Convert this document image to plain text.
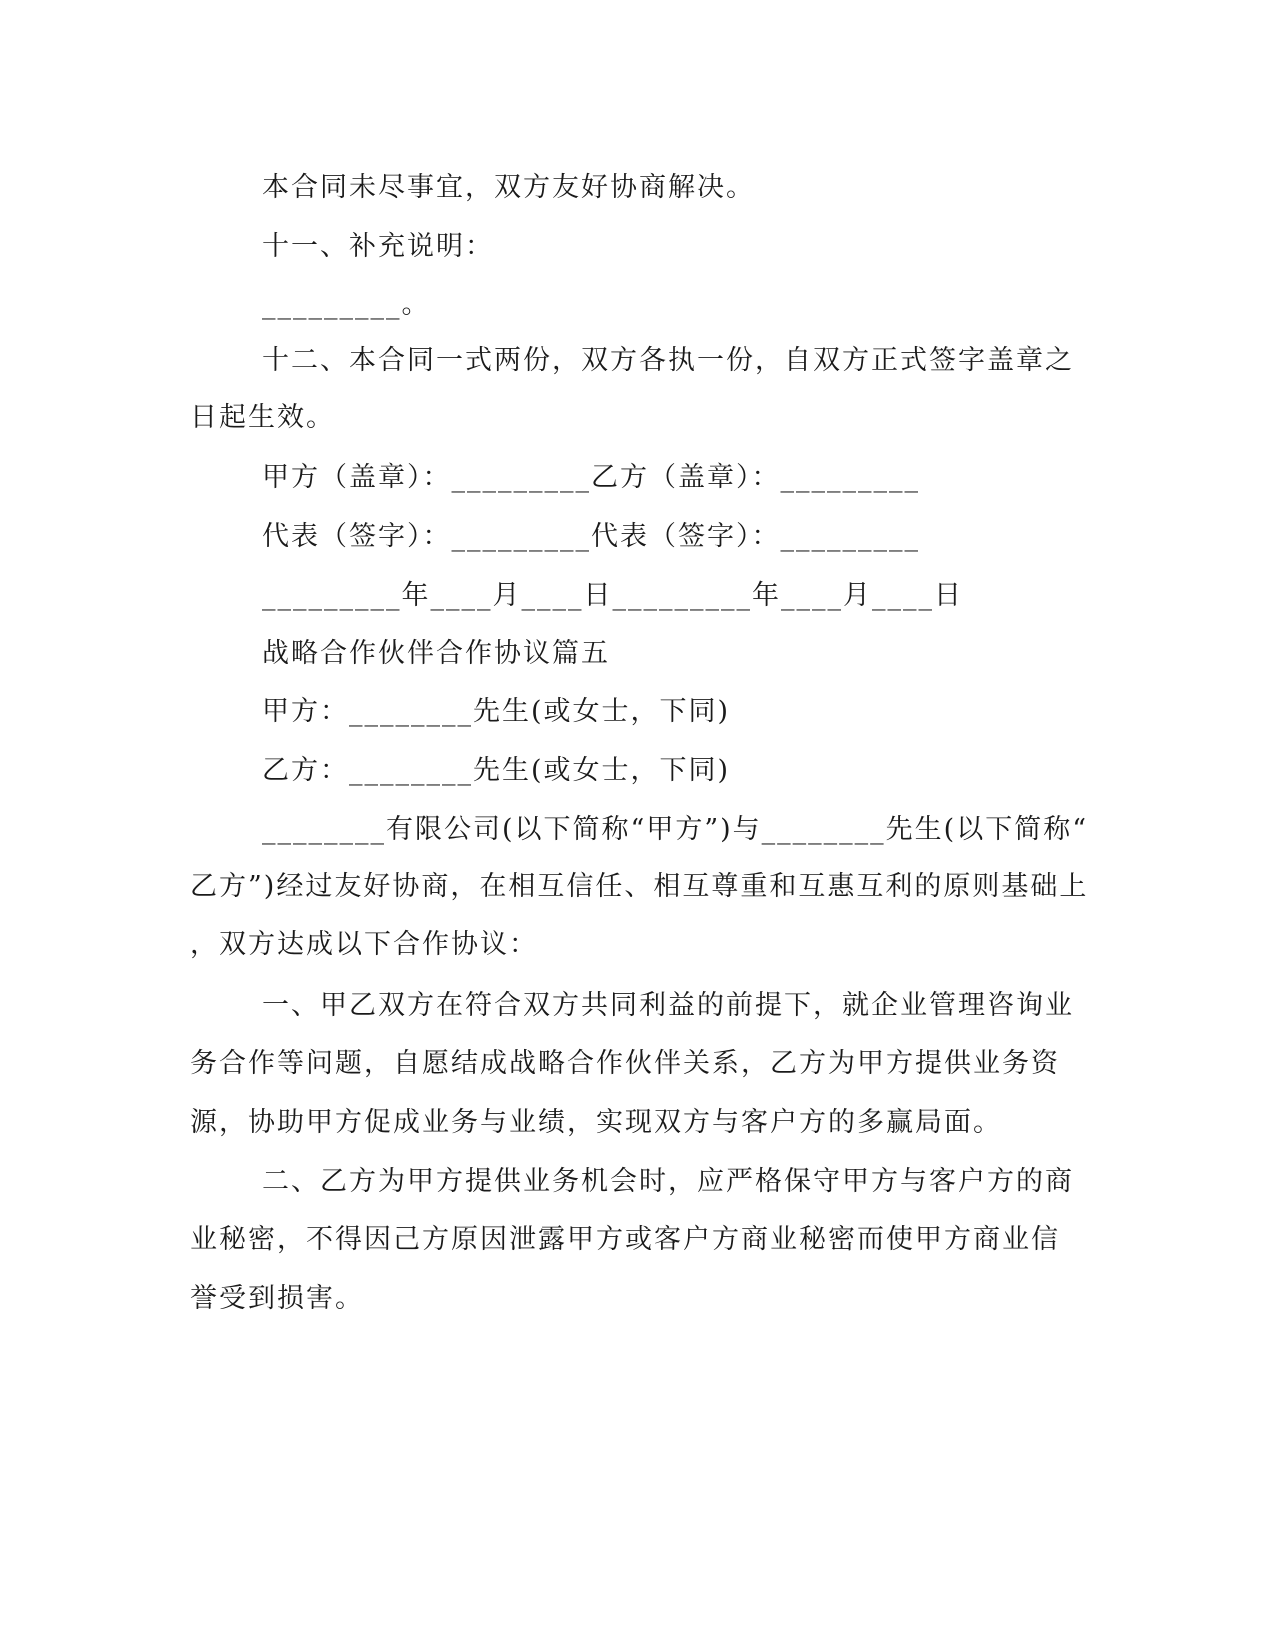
本合同未尽事宜，双方友好协商解决。
十一、补充说明：
_________。
十二、本合同一式两份，双方各执一份，自双方正式签字盖章之
日起生效。
甲方（盖章）：_________乙方（盖章）：_________
代表（签字）：_________代表（签字）：_________
_________年____月____日_________年____月____日
战略合作伙伴合作协议篇五
甲方：________先生(或女士，下同)
乙方：________先生(或女士，下同)
________有限公司(以下简称“甲方”)与________先生(以下简称“
乙方”)经过友好协商，在相互信任、相互尊重和互惠互利的原则基础上
，双方达成以下合作协议：
一、甲乙双方在符合双方共同利益的前提下，就企业管理咨询业
务合作等问题，自愿结成战略合作伙伴关系，乙方为甲方提供业务资
源，协助甲方促成业务与业绩，实现双方与客户方的多赢局面。
二、乙方为甲方提供业务机会时，应严格保守甲方与客户方的商
业秘密，不得因己方原因泄露甲方或客户方商业秘密而使甲方商业信
誉受到损害。
